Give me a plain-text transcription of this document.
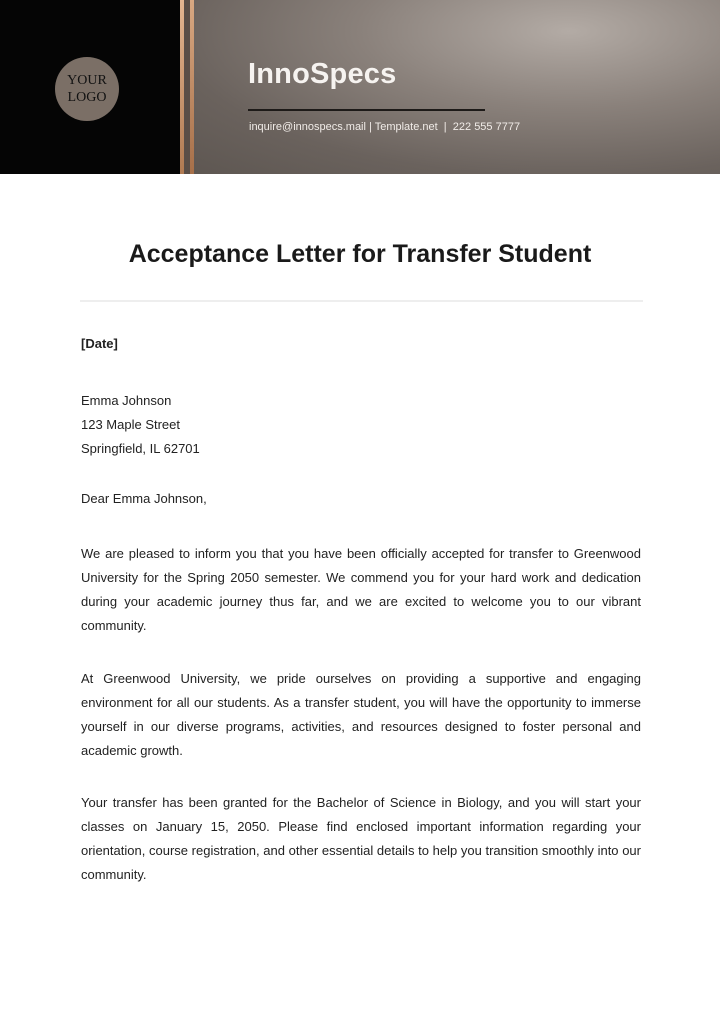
YOUR
LOGO
InnoSpecs
inquire@innospecs.mail | Template.net  |  222 555 7777
Acceptance Letter for Transfer Student
[Date]
Emma Johnson
123 Maple Street
Springfield, IL 62701
Dear Emma Johnson,

We are pleased to inform you that you have been officially accepted for transfer to Greenwood University for the Spring 2050 semester. We commend you for your hard work and dedication during your academic journey thus far, and we are excited to welcome you to our vibrant community.

At Greenwood University, we pride ourselves on providing a supportive and engaging environment for all our students. As a transfer student, you will have the opportunity to immerse yourself in our diverse programs, activities, and resources designed to foster personal and academic growth.

Your transfer has been granted for the Bachelor of Science in Biology, and you will start your classes on January 15, 2050. Please find enclosed important information regarding your orientation, course registration, and other essential details to help you transition smoothly into our community.
